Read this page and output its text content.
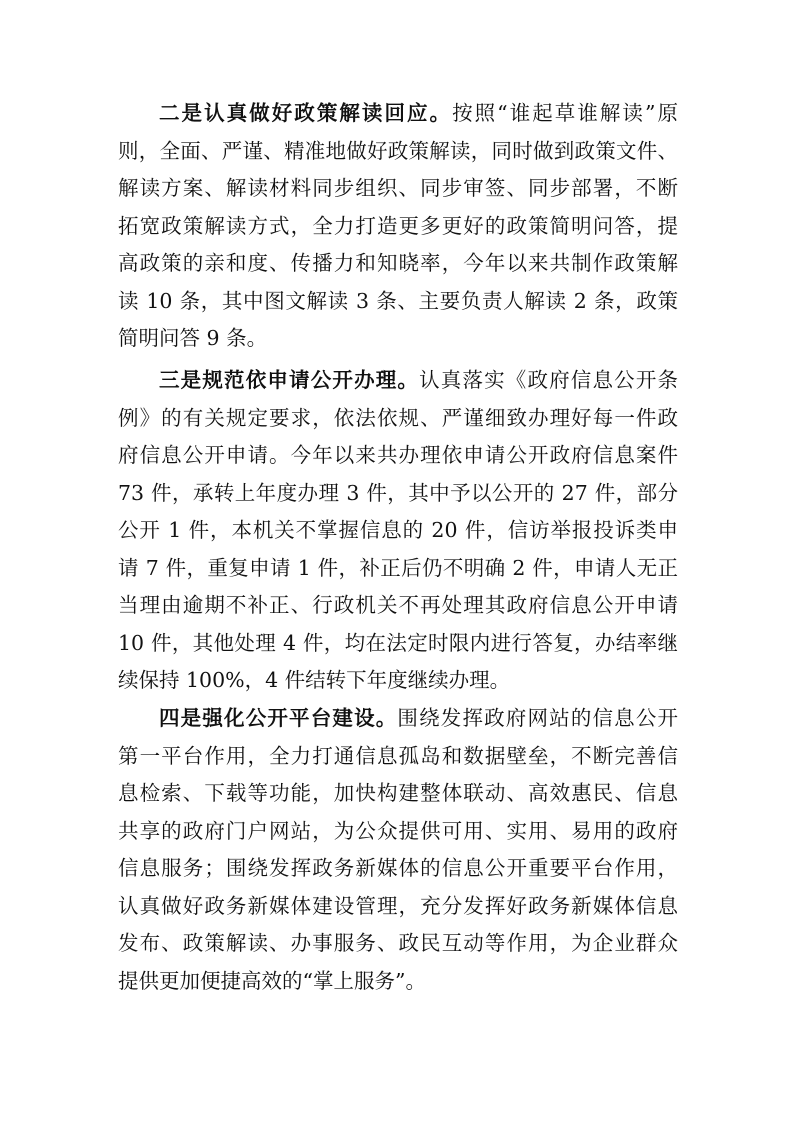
二是认真做好政策解读回应。按照“谁起草谁解读”原
则，全面、严谨、精准地做好政策解读，同时做到政策文件、
解读方案、解读材料同步组织、同步审签、同步部署，不断
拓宽政策解读方式，全力打造更多更好的政策简明问答，提
高政策的亲和度、传播力和知晓率，今年以来共制作政策解
读 10 条，其中图文解读 3 条、主要负责人解读 2 条，政策
简明问答 9 条。
三是规范依申请公开办理。认真落实《政府信息公开条
例》的有关规定要求，依法依规、严谨细致办理好每一件政
府信息公开申请。今年以来共办理依申请公开政府信息案件
73 件，承转上年度办理 3 件，其中予以公开的 27 件，部分
公开 1 件，本机关不掌握信息的 20 件，信访举报投诉类申
请 7 件，重复申请 1 件，补正后仍不明确 2 件，申请人无正
当理由逾期不补正、行政机关不再处理其政府信息公开申请
10 件，其他处理 4 件，均在法定时限内进行答复，办结率继
续保持 100%，4 件结转下年度继续办理。
四是强化公开平台建设。围绕发挥政府网站的信息公开
第一平台作用，全力打通信息孤岛和数据壁垒，不断完善信
息检索、下载等功能，加快构建整体联动、高效惠民、信息
共享的政府门户网站，为公众提供可用、实用、易用的政府
信息服务；围绕发挥政务新媒体的信息公开重要平台作用，
认真做好政务新媒体建设管理，充分发挥好政务新媒体信息
发布、政策解读、办事服务、政民互动等作用，为企业群众
提供更加便捷高效的“掌上服务”。
